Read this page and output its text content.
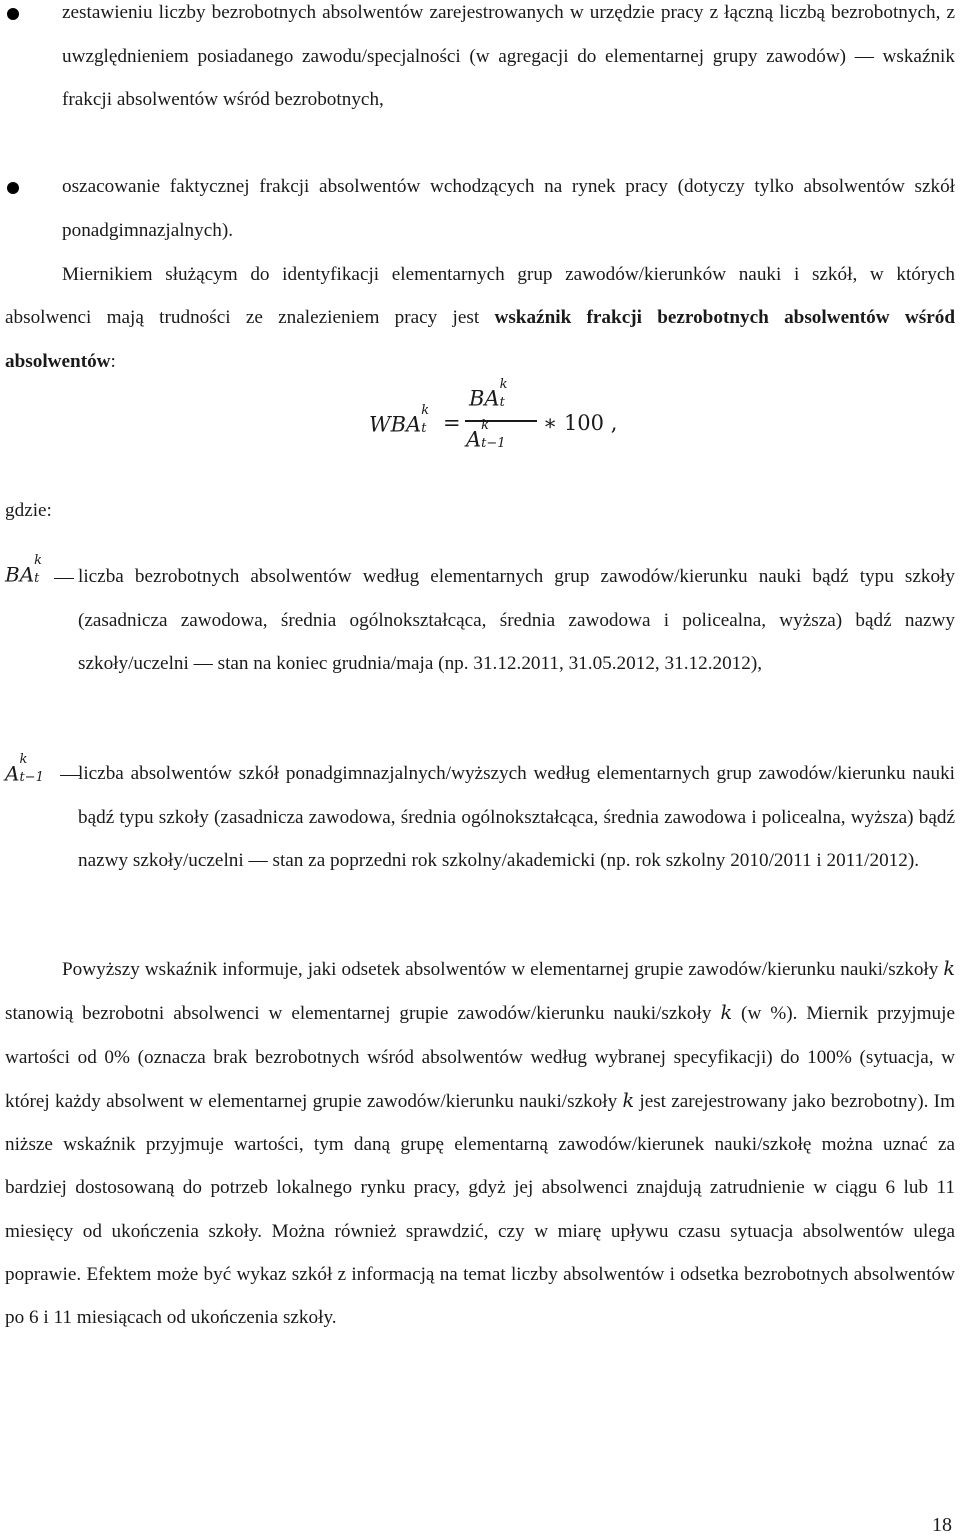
zestawieniu liczby bezrobotnych absolwentów zarejestrowanych w urzędzie pracy z łączną liczbą bezrobotnych, z uwzględnieniem posiadanego zawodu/specjalności (w agregacji do elementarnej grupy zawodów) ― wskaźnik frakcji absolwentów wśród bezrobotnych,
oszacowanie faktycznej frakcji absolwentów wchodzących na rynek pracy (dotyczy tylko absolwentów szkół ponadgimnazjalnych).
Miernikiem służącym do identyfikacji elementarnych grup zawodów/kierunków nauki i szkół, w których absolwenci mają trudności ze znalezieniem pracy jest wskaźnik frakcji bezrobotnych absolwentów wśród absolwentów:
WBA
k
t =
BA
k
t
A
k
t−1
∗ 100 ,
gdzie:
BA
k
t liczba bezrobotnych absolwentów według elementarnych grup zawodów/kierunku nauki bądź typu szkoły (zasadnicza zawodowa, średnia ogólnokształcąca, średnia zawodowa i policealna, wyższa) bądź nazwy szkoły/uczelni ― stan na koniec grudnia/maja (np. 31.12.2011, 31.05.2012, 31.12.2012),
A
k
t−1 liczba absolwentów szkół ponadgimnazjalnych/wyższych według elementarnych grup zawodów/kierunku nauki bądź typu szkoły (zasadnicza zawodowa, średnia ogólnokształcąca, średnia zawodowa i policealna, wyższa) bądź nazwy szkoły/uczelni ― stan za poprzedni rok szkolny/akademicki (np. rok szkolny 2010/2011 i 2011/2012).
Powyższy wskaźnik informuje, jaki odsetek absolwentów w elementarnej grupie zawodów/kierunku nauki/szkoły k stanowią bezrobotni absolwenci w elementarnej grupie zawodów/kierunku nauki/szkoły k (w %). Miernik przyjmuje wartości od 0% (oznacza brak bezrobotnych wśród absolwentów według wybranej specyfikacji) do 100% (sytuacja, w której każdy absolwent w elementarnej grupie zawodów/kierunku nauki/szkoły k jest zarejestrowany jako bezrobotny). Im niższe wskaźnik przyjmuje wartości, tym daną grupę elementarną zawodów/kierunek nauki/szkołę można uznać za bardziej dostosowaną do potrzeb lokalnego rynku pracy, gdyż jej absolwenci znajdują zatrudnienie w ciągu 6 lub 11 miesięcy od ukończenia szkoły. Można również sprawdzić, czy w miarę upływu czasu sytuacja absolwentów ulega poprawie. Efektem może być wykaz szkół z informacją na temat liczby absolwentów i odsetka bezrobotnych absolwentów po 6 i 11 miesiącach od ukończenia szkoły.
18
